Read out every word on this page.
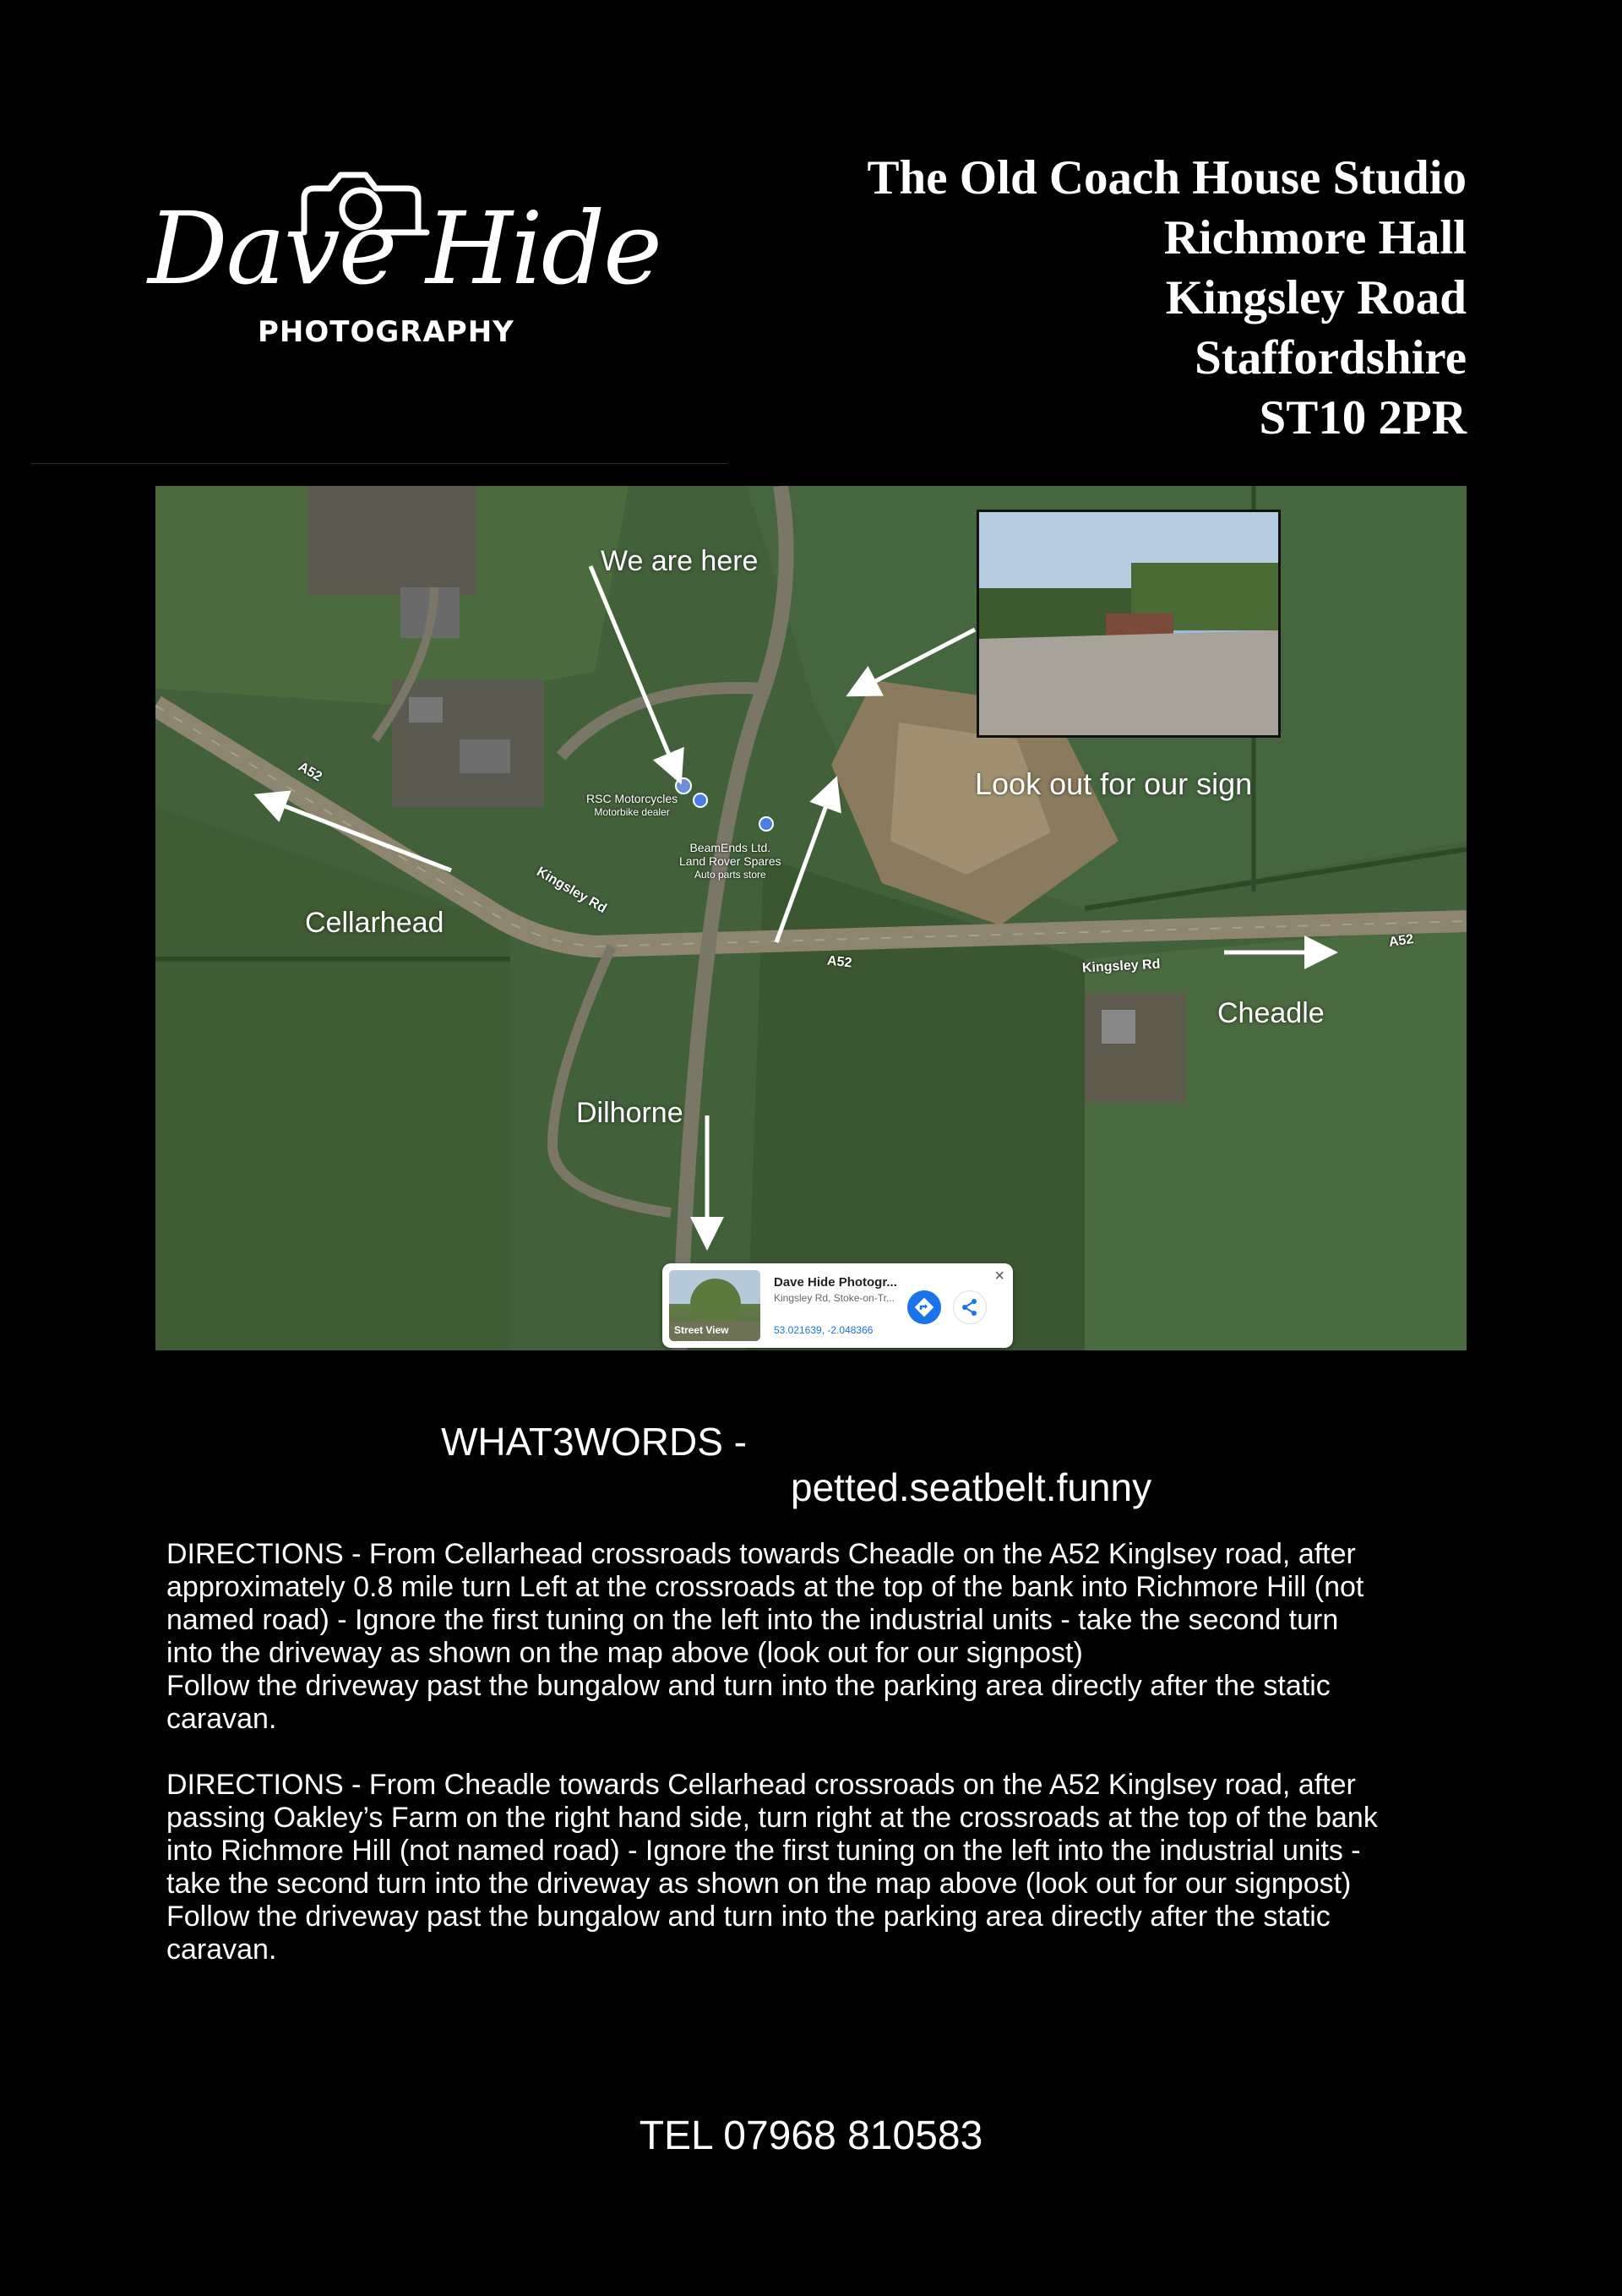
Dave Hide
PHOTOGRAPHY
The Old Coach House Studio
Richmore Hall
Kingsley Road
Staffordshire
ST10 2PR
We are here
Look out for our sign
Cellarhead
Cheadle
Dilhorne
A52
Kingsley Rd
A52	Kingsley Rd
A52
RSC Motorcycles
Motorbike dealer
BeamEnds Ltd.
Land Rover Spares
Auto parts store
Street View
Dave Hide Photogr...
Kingsley Rd, Stoke-on-Tr...
53.021639, -2.048366
×

WHAT3WORDS -

petted.seatbelt.funny

DIRECTIONS - From Cellarhead crossroads towards Cheadle on the A52 Kinglsey road, after

approximately 0.8 mile turn Left at the crossroads at the top of the bank into Richmore Hill (not

named road) - Ignore the first tuning on the left into the industrial units - take the second turn

into the driveway as shown on the map above (look out for our signpost)

Follow the driveway past the bungalow and turn into the parking area directly after the static

caravan.

DIRECTIONS - From Cheadle towards Cellarhead crossroads on the A52 Kinglsey road, after

passing Oakley’s Farm on the right hand side, turn right at the crossroads at the top of the bank

into Richmore Hill (not named road) - Ignore the first tuning on the left into the industrial units -

take the second turn into the driveway as shown on the map above (look out for our signpost)

Follow the driveway past the bungalow and turn into the parking area directly after the static

caravan.

TEL 07968 810583
